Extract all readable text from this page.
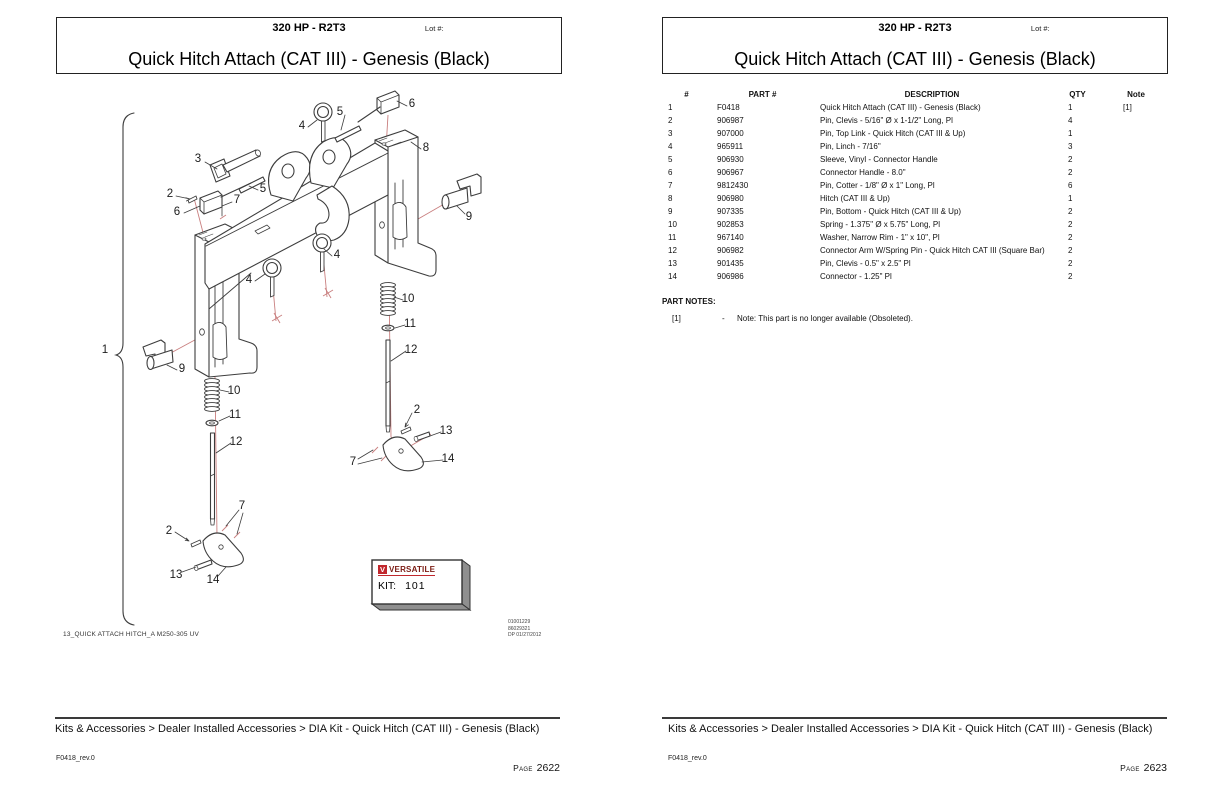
320 HP - R2T3	Lot #:
Quick Hitch Attach (CAT III) - Genesis (Black)
1
3
2
6
7
5
4
5
6
8
9
4
4
9
10
11
12
2
13
7	14
10
11
12
7
2
13 14
V VERSATILE
KIT: 101
01001229
86029321
DP 01/27/2012
13_QUICK ATTACH HITCH_A M250-305 UV
Kits & Accessories > Dealer Installed Accessories > DIA Kit - Quick Hitch (CAT III) - Genesis (Black)
F0418_rev.0
Page 2622
320 HP - R2T3	Lot #:
Quick Hitch Attach (CAT III) - Genesis (Black)
#	PART #	DESCRIPTION	QTY	Note
1	F0418	Quick Hitch Attach (CAT III) - Genesis (Black)	1	[1]
2	906987	Pin, Clevis - 5/16" Ø x 1-1/2" Long, Pl	4
3	907000	Pin, Top Link - Quick Hitch (CAT III & Up)	1
4	965911	Pin, Linch - 7/16"	3
5	906930	Sleeve, Vinyl - Connector Handle	2
6	906967	Connector Handle - 8.0"	2
7	9812430	Pin, Cotter - 1/8" Ø x 1" Long, Pl	6
8	906980	Hitch (CAT III & Up)	1
9	907335	Pin, Bottom - Quick Hitch (CAT III & Up)	2
10	902853	Spring - 1.375" Ø x 5.75" Long, Pl	2
11	967140	Washer, Narrow Rim - 1" x 10", Pl	2
12	906982	Connector Arm W/Spring Pin - Quick Hitch CAT III (Square Bar)	2
13	901435	Pin, Clevis - 0.5" x 2.5" Pl	2
14	906986	Connector - 1.25" Pl	2
PART NOTES:
[1]	- Note: This part is no longer available (Obsoleted).
Kits & Accessories > Dealer Installed Accessories > DIA Kit - Quick Hitch (CAT III) - Genesis (Black)
F0418_rev.0
Page 2623
